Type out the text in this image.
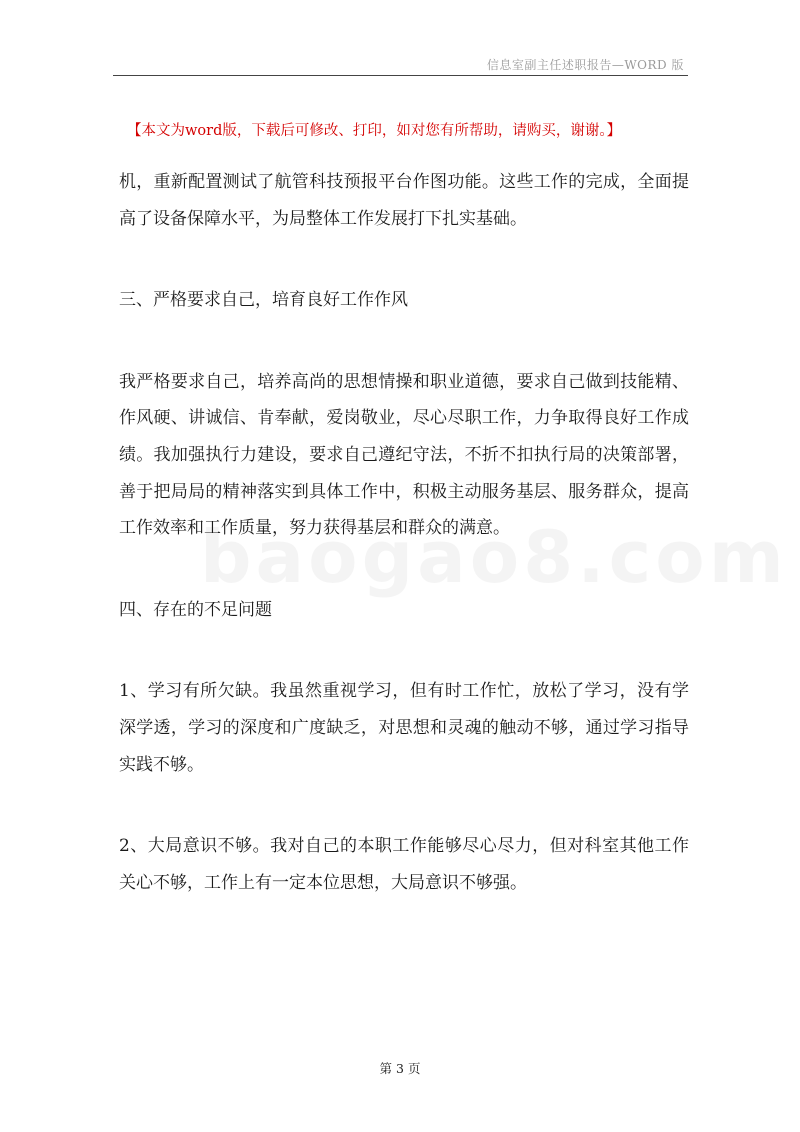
信息室副主任述职报告—WORD 版
【本文为word版，下载后可修改、打印，如对您有所帮助，请购买，谢谢。】

机，重新配置测试了航管科技预报平台作图功能。这些工作的完成，全面提高了设备保障水平，为局整体工作发展打下扎实基础。

三、严格要求自己，培育良好工作作风

我严格要求自己，培养高尚的思想情操和职业道德，要求自己做到技能精、作风硬、讲诚信、肯奉献，爱岗敬业，尽心尽职工作，力争取得良好工作成绩。我加强执行力建设，要求自己遵纪守法，不折不扣执行局的决策部署，善于把局局的精神落实到具体工作中，积极主动服务基层、服务群众，提高工作效率和工作质量，努力获得基层和群众的满意。

四、存在的不足问题

1、学习有所欠缺。我虽然重视学习，但有时工作忙，放松了学习，没有学深学透，学习的深度和广度缺乏，对思想和灵魂的触动不够，通过学习指导实践不够。

2、大局意识不够。我对自己的本职工作能够尽心尽力，但对科室其他工作关心不够，工作上有一定本位思想，大局意识不够强。

第 3 页
